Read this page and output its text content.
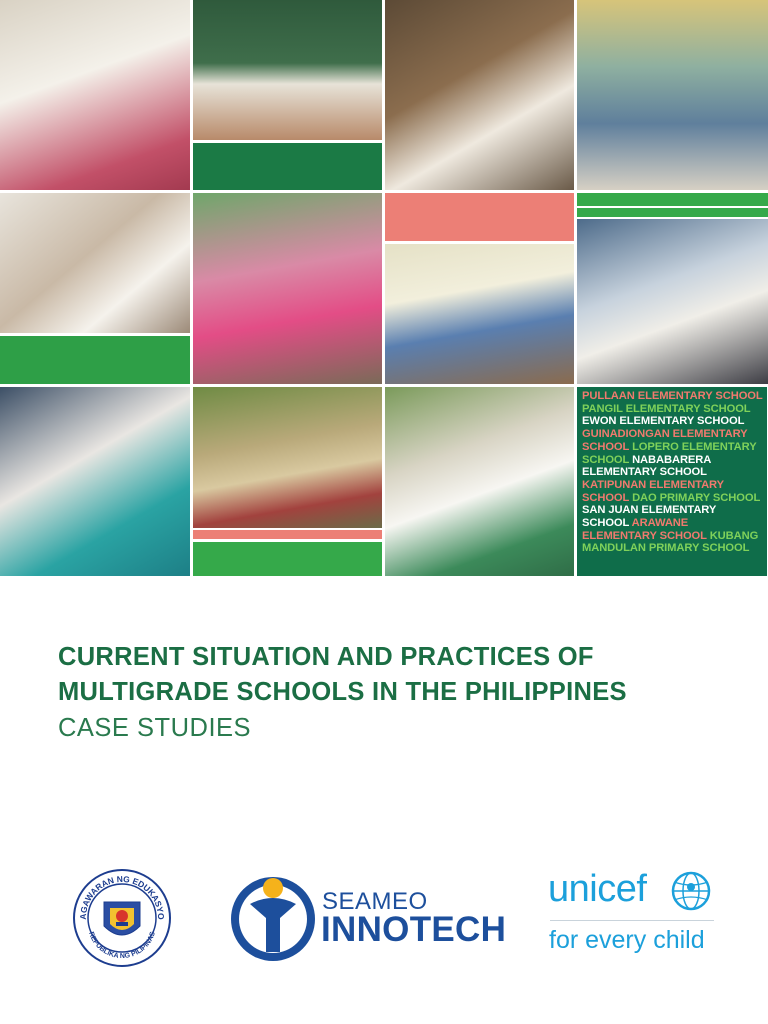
PULLAAN ELEMENTARY SCHOOL PANGIL ELEMENTARY SCHOOL EWON ELEMENTARY SCHOOL GUINADIONGAN ELEMENTARY SCHOOL LOPERO ELEMENTARY SCHOOL NABABARERA ELEMENTARY SCHOOL KATIPUNAN ELEMENTARY SCHOOL DAO PRIMARY SCHOOL SAN JUAN ELEMENTARY SCHOOL ARAWANE ELEMENTARY SCHOOL KUBANG MANDULAN PRIMARY SCHOOL
CURRENT SITUATION AND PRACTICES OF
MULTIGRADE SCHOOLS IN THE PHILIPPINES
CASE STUDIES
AGAWARAN NG EDUKASYO
REPUBLIKA NG PILIPINAS
SEAMEO
INNOTECH
unicef
for every child
